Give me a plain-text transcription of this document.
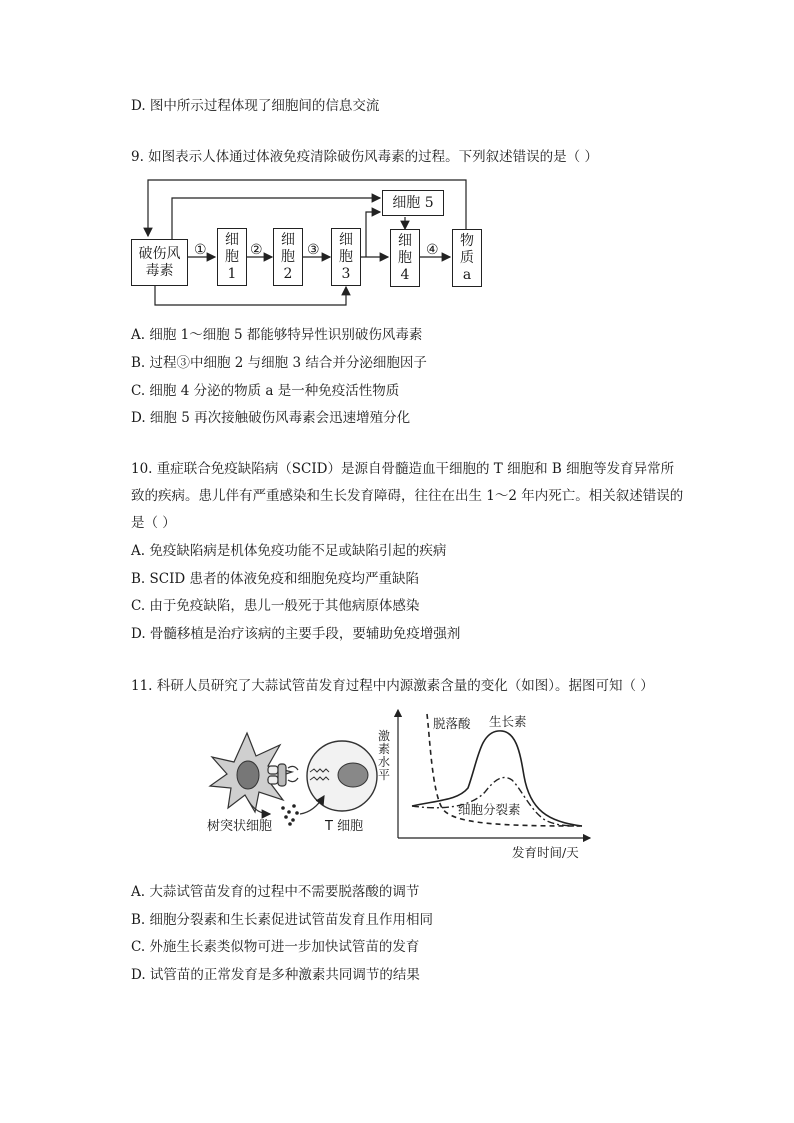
D. 图中所示过程体现了细胞间的信息交流
9. 如图表示人体通过体液免疫清除破伤风毒素的过程。下列叙述错误的是（ ）
破伤风
毒素
①
细
胞
1
②
细
胞
2
③
细
胞
3
细胞 5
细
胞
4
④
物
质
a
A. 细胞 1～细胞 5 都能够特异性识别破伤风毒素
B. 过程③中细胞 2 与细胞 3 结合并分泌细胞因子
C. 细胞 4 分泌的物质 a 是一种免疫活性物质
D. 细胞 5 再次接触破伤风毒素会迅速增殖分化
10. 重症联合免疫缺陷病（SCID）是源自骨髓造血干细胞的 T 细胞和 B 细胞等发育异常所
致的疾病。患儿伴有严重感染和生长发育障碍，往往在出生 1～2 年内死亡。相关叙述错误的
是（ ）
A. 免疫缺陷病是机体免疫功能不足或缺陷引起的疾病
B. SCID 患者的体液免疫和细胞免疫均严重缺陷
C. 由于免疫缺陷，患儿一般死于其他病原体感染
D. 骨髓移植是治疗该病的主要手段，要辅助免疫增强剂
11. 科研人员研究了大蒜试管苗发育过程中内源激素含量的变化（如图）。据图可知（ ）
树突状细胞	T 细胞
激素水平
脱落酸 生长素
细胞分裂素
发育时间/天
A. 大蒜试管苗发育的过程中不需要脱落酸的调节
B. 细胞分裂素和生长素促进试管苗发育且作用相同
C. 外施生长素类似物可进一步加快试管苗的发育
D. 试管苗的正常发育是多种激素共同调节的结果
